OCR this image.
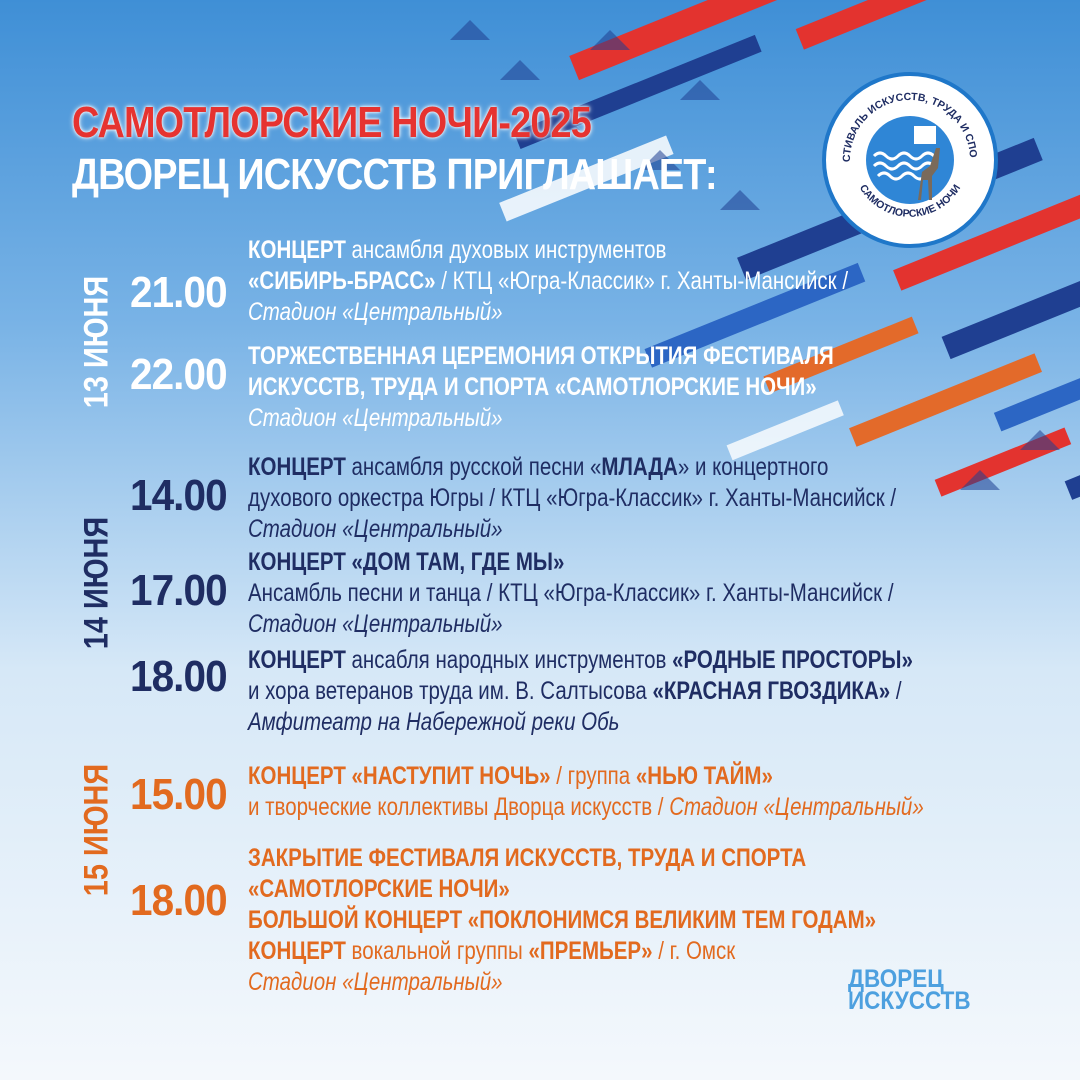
САМОТЛОРСКИЕ НОЧИ-2025
ДВОРЕЦ ИСКУССТВ ПРИГЛАШАЕТ:	СТИВАЛЬ ИСКУССТВ, ТРУДА И СПО
САМОТЛОРСКИЕ НОЧИ
13 ИЮНЯ
14 ИЮНЯ
15 ИЮНЯ
21.00
КОНЦЕРТ ансамбля духовых инструментов
«СИБИРЬ-БРАСС» / КТЦ «Югра-Классик» г. Ханты-Мансийск /
Стадион «Центральный»
22.00 ТОРЖЕСТВЕННАЯ ЦЕРЕМОНИЯ ОТКРЫТИЯ ФЕСТИВАЛЯ
ИСКУССТВ, ТРУДА И СПОРТА «САМОТЛОРСКИЕ НОЧИ»
Стадион «Центральный»
14.00
КОНЦЕРТ ансамбля русской песни «МЛАДА» и концертного
духового оркестра Югры / КТЦ «Югра-Классик» г. Ханты-Мансийск /
Стадион «Центральный»
17.00
КОНЦЕРТ «ДОМ ТАМ, ГДЕ МЫ»
Ансамбль песни и танца / КТЦ «Югра-Классик» г. Ханты-Мансийск /
Стадион «Центральный»
18.00 КОНЦЕРТ ансабля народных инструментов «РОДНЫЕ ПРОСТОРЫ»
и хора ветеранов труда им. В. Салтысова «КРАСНАЯ ГВОЗДИКА» /
Амфитеатр на Набережной реки Обь
15.00 КОНЦЕРТ «НАСТУПИТ НОЧЬ» / группа «НЬЮ ТАЙМ»
и творческие коллективы Дворца искусств / Стадион «Центральный»
18.00
ЗАКРЫТИЕ ФЕСТИВАЛЯ ИСКУССТВ, ТРУДА И СПОРТА
«САМОТЛОРСКИЕ НОЧИ»
БОЛЬШОЙ КОНЦЕРТ «ПОКЛОНИМСЯ ВЕЛИКИМ ТЕМ ГОДАМ»
КОНЦЕРТ вокальной группы «ПРЕМЬЕР» / г. Омск
Стадион «Центральный»	ДВОРЕЦ
ИСКУССТВ
